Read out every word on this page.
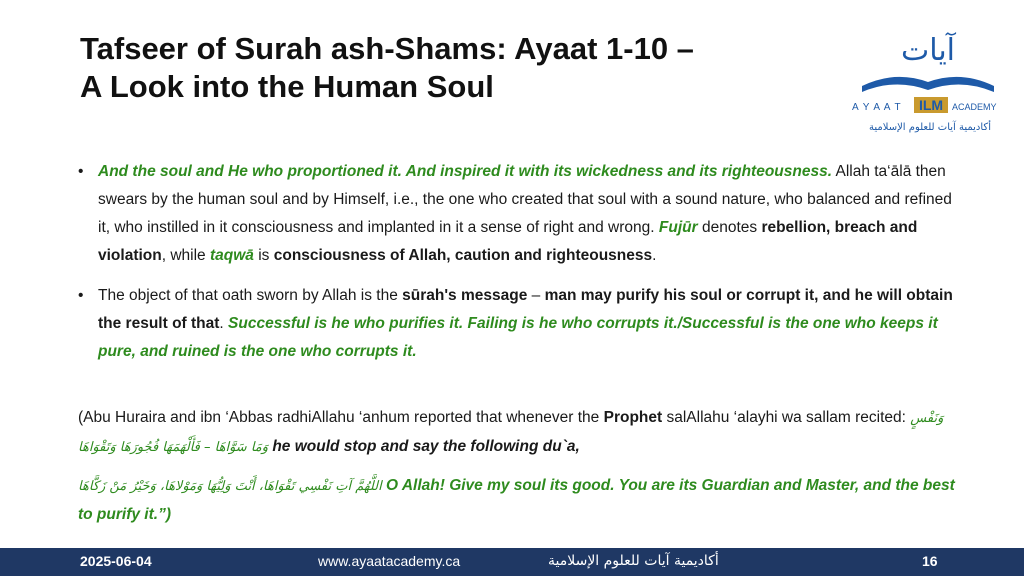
Tafseer of Surah ash-Shams: Ayaat 1-10 –
A Look into the Human Soul
آيات
A Y A A T ILM ACADEMY
أكاديمية آيات للعلوم الإسلامية
• And the soul and He who proportioned it. And inspired it with its wickedness and its righteousness. Allah ta‘ālā then swears by the human soul and by Himself, i.e., the one who created that soul with a sound nature, who balanced and refined it, who instilled in it consciousness and implanted in it a sense of right and wrong. Fujūr denotes rebellion, breach and violation, while taqwā is consciousness of Allah, caution and righteousness.
• The object of that oath sworn by Allah is the sūrah's message – man may purify his soul or corrupt it, and he will obtain the result of that. Successful is he who purifies it. Failing is he who corrupts it./Successful is the one who keeps it pure, and ruined is the one who corrupts it.
(Abu Huraira and ibn ‘Abbas radhiAllahu ‘anhum reported that whenever the Prophet salAllahu ‘alayhi wa sallam recited: وَنَفْسٍ وَمَا سَوَّاهَا – فَأَلْهَمَهَا فُجُورَهَا وَتَقْوَاهَا he would stop and say the following du`a,
اللَّهُمَّ آتِ نَفْسِي تَقْوَاهَا، أَنْتَ وَلِيُّهَا وَمَوْلاهَا، وَخَيْرُ مَنْ زَكَّاهَا O Allah! Give my soul its good. You are its Guardian and Master, and the best to purify it.”)
2025-06-04	www.ayaatacademy.ca	أكاديمية آيات للعلوم الإسلامية	16
